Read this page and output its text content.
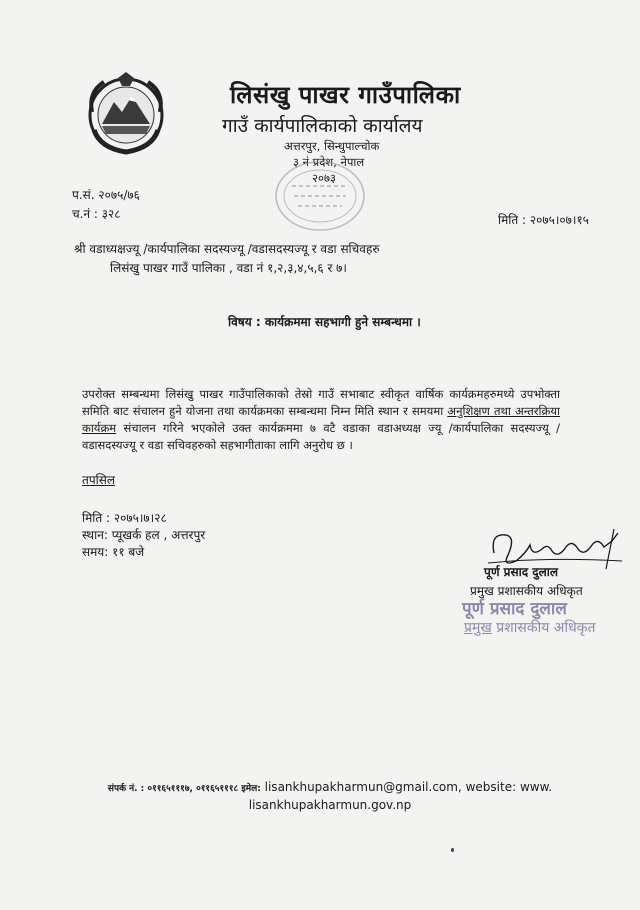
लिसंखु पाखर गाउँपालिका
गाउँ कार्यपालिकाको कार्यालय
अत्तरपुर, सिन्धुपाल्चोक
३ नं प्रदेश, नेपाल
२०७३
प.सं. २०७५/७६
च.नं : ३२८	मिति : २०७५।०७।१५
श्री वडाध्यक्षज्यू /कार्यपालिका सदस्यज्यू /वडासदस्यज्यू र वडा सचिवहरु
लिसंखु पाखर गाउँ पालिका , वडा नं १,२,३,४,५,६ र ७।
विषय : कार्यक्रममा सहभागी हुने सम्बन्धमा ।
उपरोक्त सम्बन्धमा लिसंखु पाखर गाउँपालिकाको तेस्रो गाउँ सभाबाट स्वीकृत वार्षिक कार्यक्रमहरुमध्ये उपभोक्ता समिति बाट संचालन हुने योजना तथा कार्यक्रमका सम्बन्धमा निम्न मिति स्थान र समयमा अनुशिक्षण तथा अन्तरक्रिया कार्यक्रम संचालन गरिने भएकोले उक्त कार्यक्रममा ७ वटै वडाका वडाअध्यक्ष ज्यू /कार्यपालिका सदस्यज्यू /वडासदस्यज्यू र वडा सचिवहरुको सहभागीताका लागि अनुरोध छ ।
तपसिल
मिति : २०७५।७।२८
स्थान: प्यूखर्क हल , अत्तरपुर
समय: ११ बजे
पूर्ण प्रसाद दुलाल
प्रमुख प्रशासकीय अधिकृत
पूर्ण प्रसाद दुलाल
प्रमुख प्रशासकीय अधिकृत
संपर्क नं. : ०११६५१११७, ०११६५१११८ इमेल: lisankhupakharmun@gmail.com, website: www.
lisankhupakharmun.gov.np
